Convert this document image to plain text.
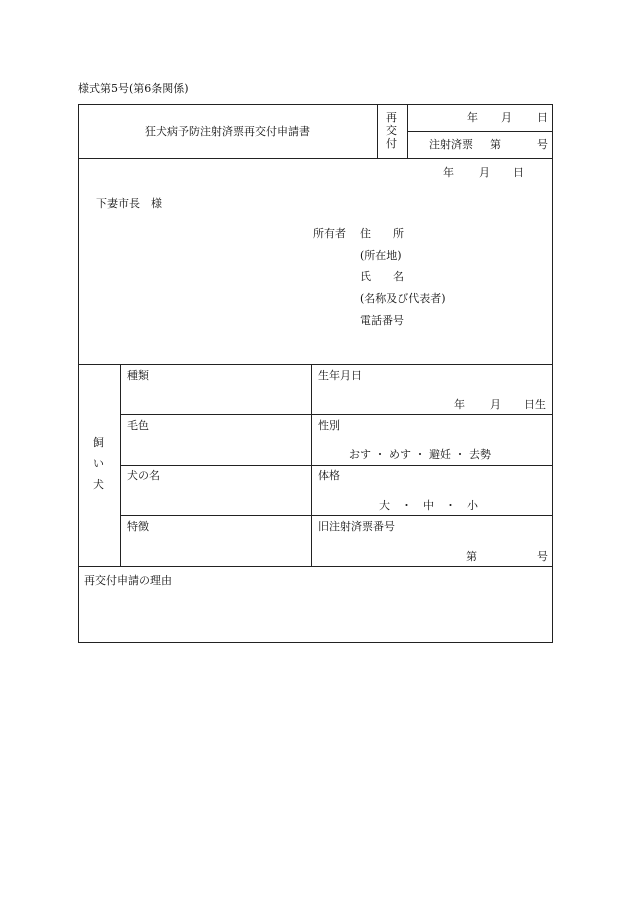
様式第5号(第6条関係)
狂犬病予防注射済票再交付申請書
再交付
年 月 日
注射済票 第	号
年 月 日
下妻市長　様
所有者 住　　所
(所在地)
氏　　名
(名称及び代表者)
電話番号
飼い犬
種類	生年月日
年 月 日生
毛色	性別
おす ・ めす ・ 避妊 ・ 去勢
犬の名	体格
大　・　中　・　小
特徴	旧注射済票番号
第	号
再交付申請の理由
